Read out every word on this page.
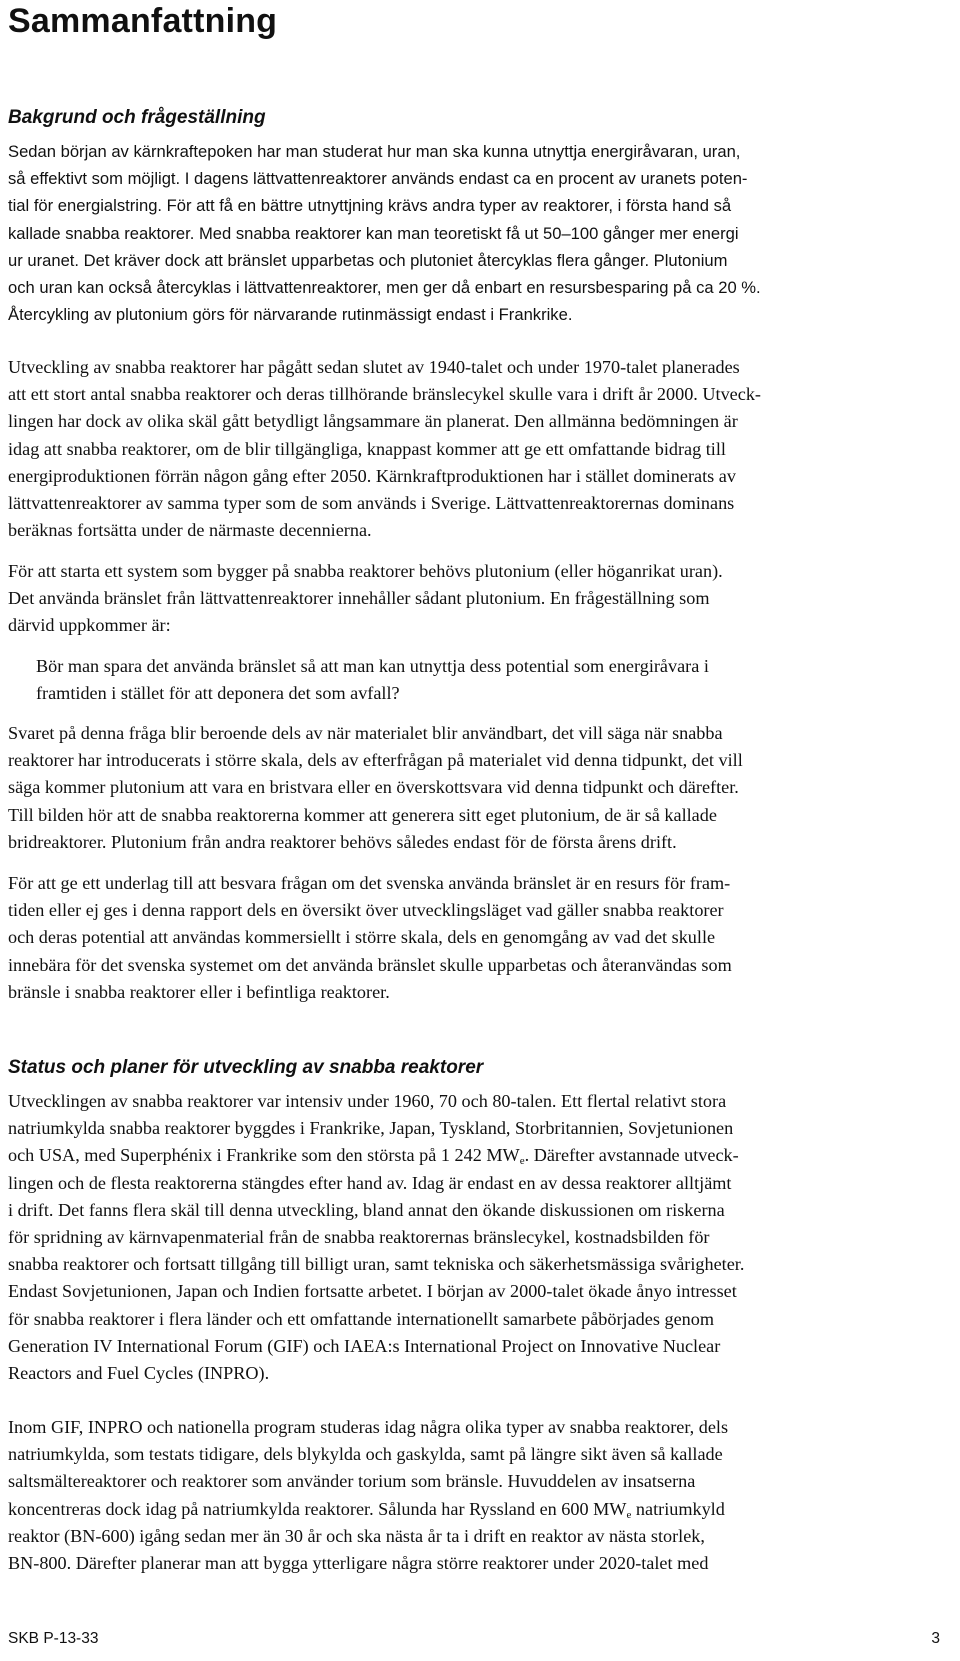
Sammanfattning
Bakgrund och frågeställning
Sedan början av kärnkraftepoken har man studerat hur man ska kunna utnyttja energiråvaran, uran,
så effektivt som möjligt. I dagens lättvattenreaktorer används endast ca en procent av uranets poten-
tial för energialstring. För att få en bättre utnyttjning krävs andra typer av reaktorer, i första hand så
kallade snabba reaktorer. Med snabba reaktorer kan man teoretiskt få ut 50–100 gånger mer energi
ur uranet. Det kräver dock att bränslet upparbetas och plutoniet återcyklas flera gånger. Plutonium
och uran kan också återcyklas i lättvattenreaktorer, men ger då enbart en resursbesparing på ca 20 %.
Återcykling av plutonium görs för närvarande rutinmässigt endast i Frankrike.
Utveckling av snabba reaktorer har pågått sedan slutet av 1940-talet och under 1970-talet planerades
att ett stort antal snabba reaktorer och deras tillhörande bränslecykel skulle vara i drift år 2000. Utveck-
lingen har dock av olika skäl gått betydligt långsammare än planerat. Den allmänna bedömningen är
idag att snabba reaktorer, om de blir tillgängliga, knappast kommer att ge ett omfattande bidrag till
energiproduktionen förrän någon gång efter 2050. Kärnkraftproduktionen har i stället dominerats av
lättvattenreaktorer av samma typer som de som används i Sverige. Lättvattenreaktorernas dominans
beräknas fortsätta under de närmaste decennierna.
För att starta ett system som bygger på snabba reaktorer behövs plutonium (eller höganrikat uran).
Det använda bränslet från lättvattenreaktorer innehåller sådant plutonium. En frågeställning som
därvid uppkommer är:
Bör man spara det använda bränslet så att man kan utnyttja dess potential som energiråvara i
framtiden i stället för att deponera det som avfall?
Svaret på denna fråga blir beroende dels av när materialet blir användbart, det vill säga när snabba
reaktorer har introducerats i större skala, dels av efterfrågan på materialet vid denna tidpunkt, det vill
säga kommer plutonium att vara en bristvara eller en överskottsvara vid denna tidpunkt och därefter.
Till bilden hör att de snabba reaktorerna kommer att generera sitt eget plutonium, de är så kallade
bridreaktorer. Plutonium från andra reaktorer behövs således endast för de första årens drift.
För att ge ett underlag till att besvara frågan om det svenska använda bränslet är en resurs för fram-
tiden eller ej ges i denna rapport dels en översikt över utvecklingsläget vad gäller snabba reaktorer
och deras potential att användas kommersiellt i större skala, dels en genomgång av vad det skulle
innebära för det svenska systemet om det använda bränslet skulle upparbetas och återanvändas som
bränsle i snabba reaktorer eller i befintliga reaktorer.
Status och planer för utveckling av snabba reaktorer
Utvecklingen av snabba reaktorer var intensiv under 1960, 70 och 80-talen. Ett flertal relativt stora
natriumkylda snabba reaktorer byggdes i Frankrike, Japan, Tyskland, Storbritannien, Sovjetunionen
och USA, med Superphénix i Frankrike som den största på 1 242 $MW_e$. Därefter avstannade utveck-
lingen och de flesta reaktorerna stängdes efter hand av. Idag är endast en av dessa reaktorer alltjämt
i drift. Det fanns flera skäl till denna utveckling, bland annat den ökande diskussionen om riskerna
för spridning av kärnvapenmaterial från de snabba reaktorernas bränslecykel, kostnadsbilden för
snabba reaktorer och fortsatt tillgång till billigt uran, samt tekniska och säkerhetsmässiga svårigheter.
Endast Sovjetunionen, Japan och Indien fortsatte arbetet. I början av 2000-talet ökade ånyo intresset
för snabba reaktorer i flera länder och ett omfattande internationellt samarbete påbörjades genom
Generation IV International Forum (GIF) och IAEA:s International Project on Innovative Nuclear
Reactors and Fuel Cycles (INPRO).
Inom GIF, INPRO och nationella program studeras idag några olika typer av snabba reaktorer, dels
natriumkylda, som testats tidigare, dels blykylda och gaskylda, samt på längre sikt även så kallade
saltsmältereaktorer och reaktorer som använder torium som bränsle. Huvuddelen av insatserna
koncentreras dock idag på natriumkylda reaktorer. Sålunda har Ryssland en 600 $MW_e$ natriumkyld
reaktor (BN-600) igång sedan mer än 30 år och ska nästa år ta i drift en reaktor av nästa storlek,
BN-800. Därefter planerar man att bygga ytterligare några större reaktorer under 2020-talet med
SKB P-13-33	3
